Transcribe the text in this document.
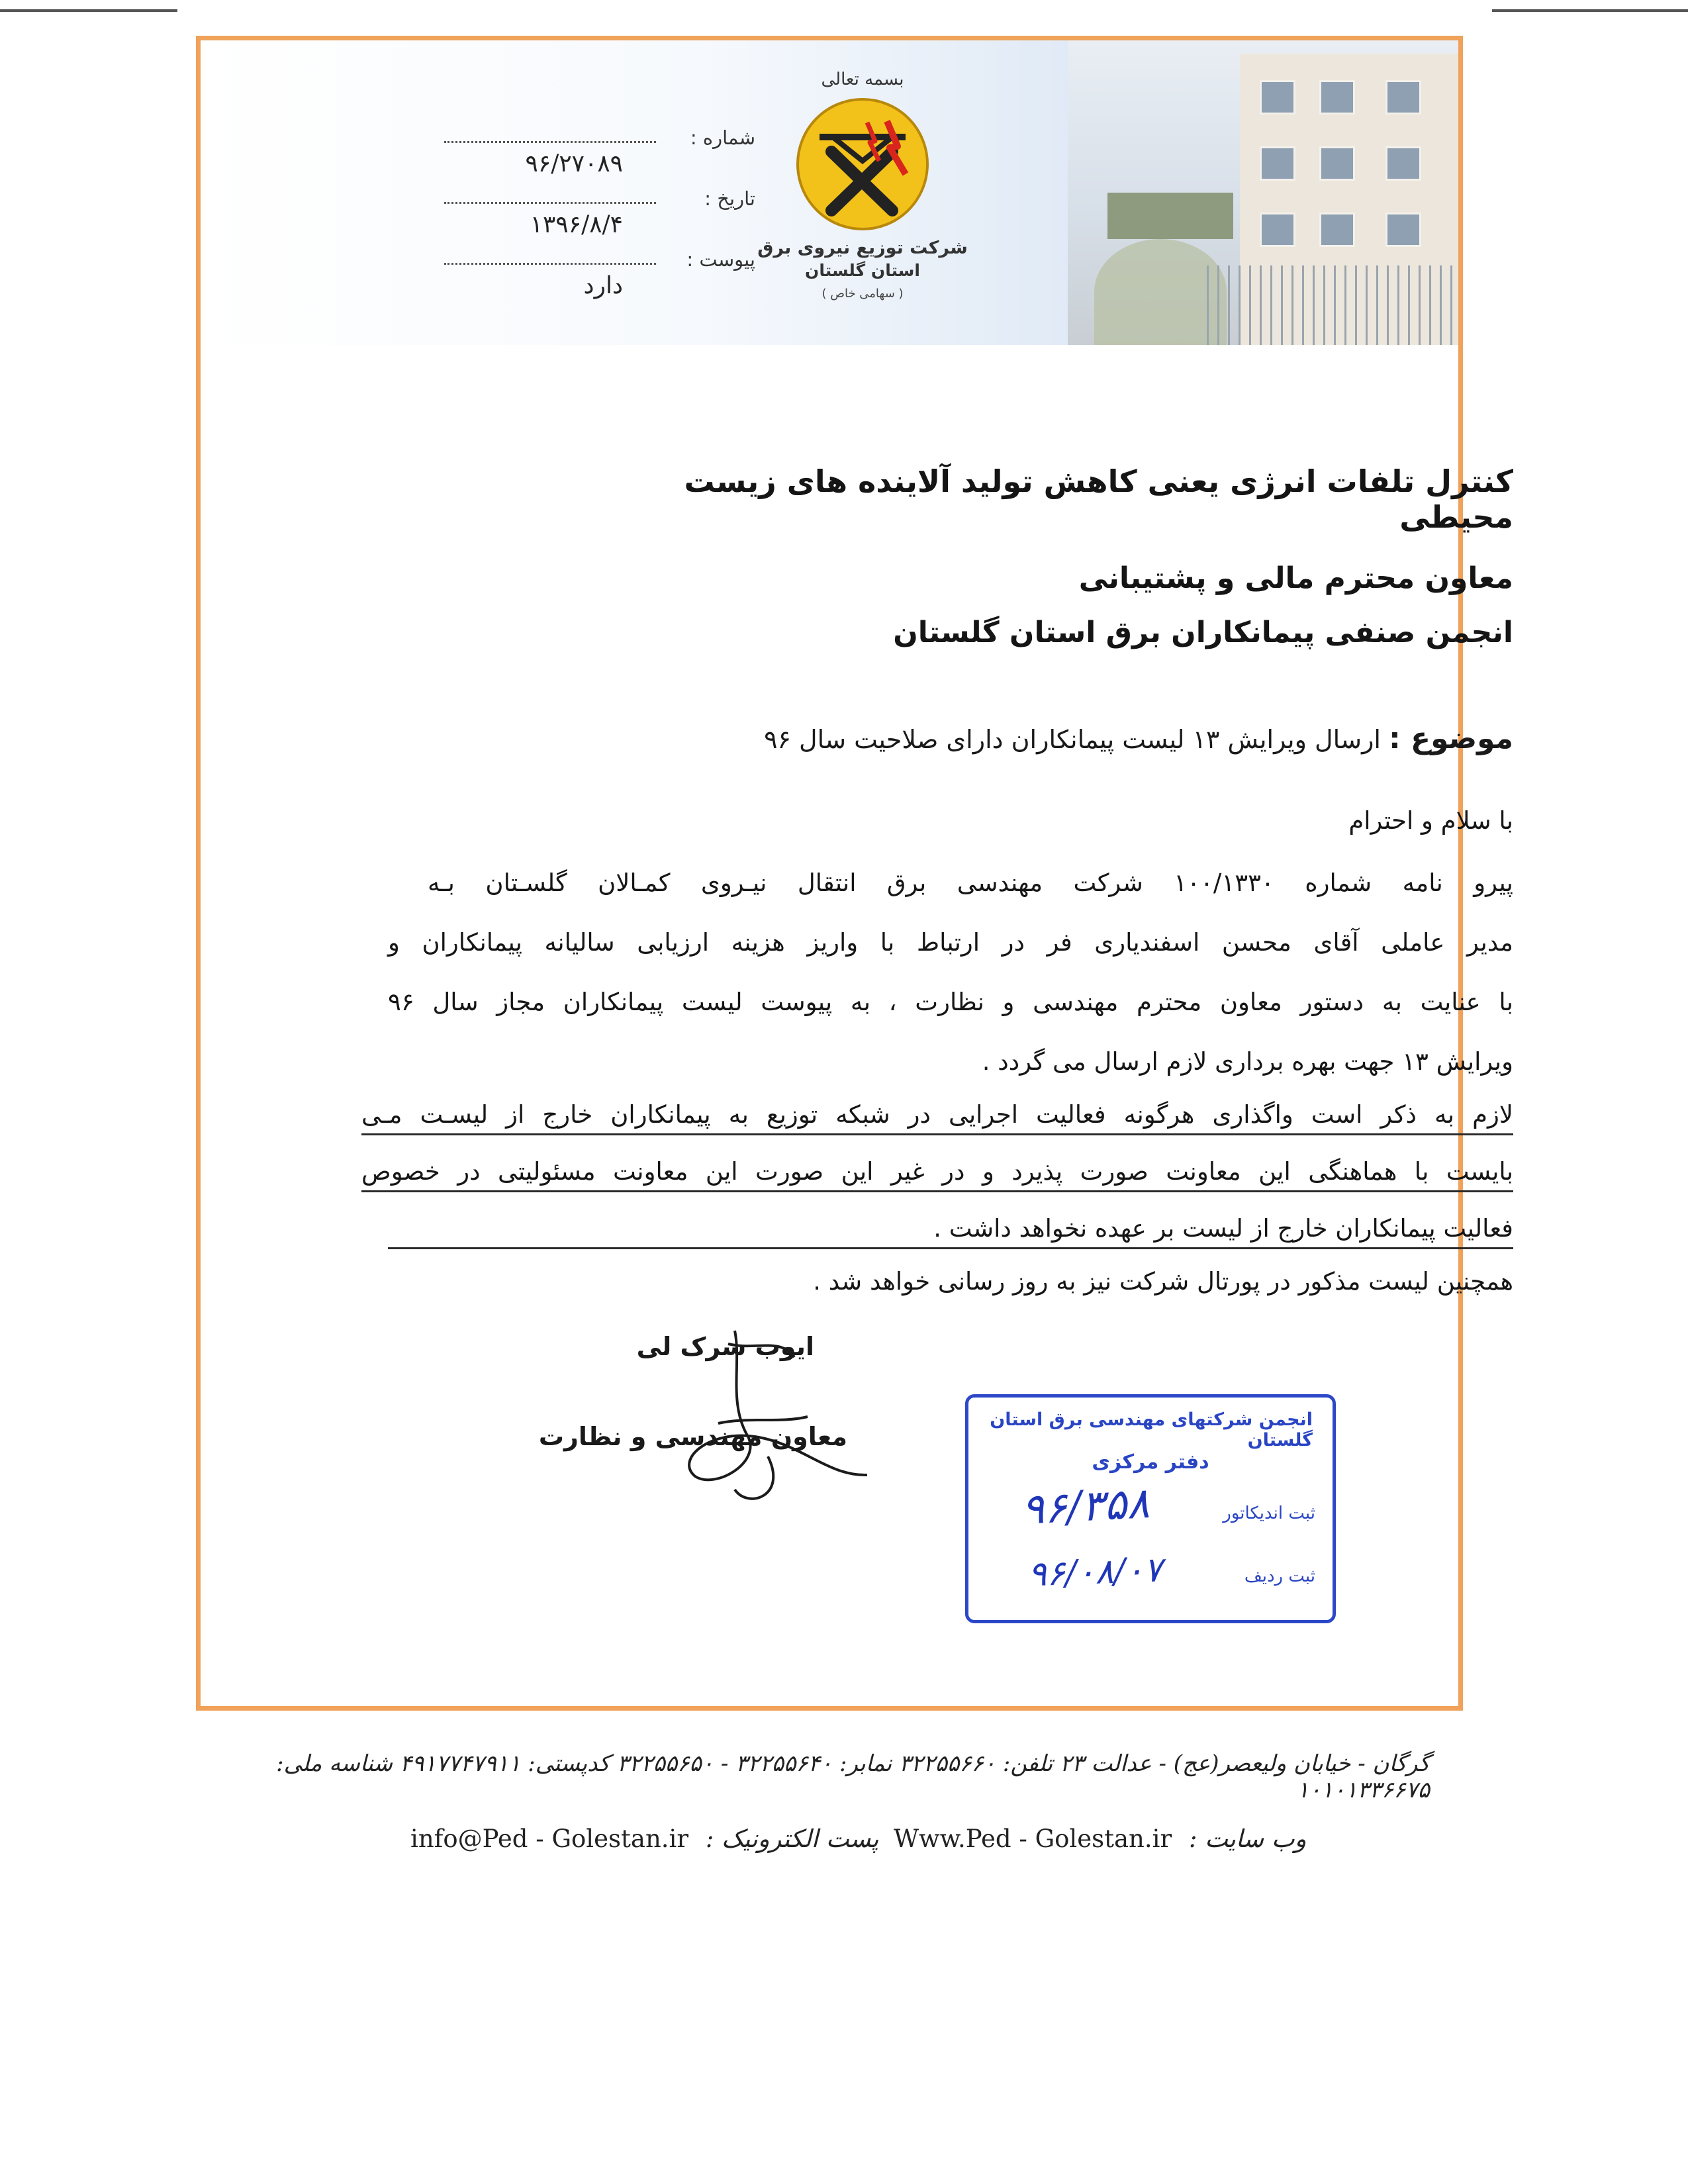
شماره :
۹۶/۲۷۰۸۹
تاریخ :
۱۳۹۶/۸/۴
پیوست :
دارد
بسمه تعالی
شرکت توزیع نیروی برق
استان گلستان
( سهامی خاص )
کنترل تلفات انرژی یعنی کاهش تولید آلاینده های زیست محیطی
معاون محترم مالی و پشتیبانی
انجمن صنفی پیمانکاران برق استان گلستان
موضوع : ارسال ویرایش ۱۳ لیست پیمانکاران دارای صلاحیت سال ۹۶
با سلام و احترام
پیرو نامه شماره ۱۰۰/۱۳۳۰ شرکت مهندسی برق انتقال نیـروی کمـالان گلسـتان بـه
مدیر عاملی آقای محسن اسفندیاری فر در ارتباط با واریز هزینه ارزیابی سالیانه پیمانکاران و
با عنایت به دستور معاون محترم مهندسی و نظارت ، به پیوست لیست پیمانکاران مجاز سال ۹۶
ویرایش ۱۳ جهت بهره برداری لازم ارسال می گردد .
لازم به ذکر است واگذاری هرگونه فعالیت اجرایی در شبکه توزیع به پیمانکاران خارج از لیسـت مـی
بایست با هماهنگی این معاونت صورت پذیرد و در غیر این صورت این معاونت مسئولیتی در خصوص
فعالیت پیمانکاران خارج از لیست بر عهده نخواهد داشت .
همچنین لیست مذکور در پورتال شرکت نیز به روز رسانی خواهد شد .
ایوب سرک لی
معاون مهندسی و نظارت
انجمن شرکتهای مهندسی برق استان گلستان
دفتر مرکزی
ثبت اندیکاتور
۹۶/۳۵۸
ثبت ردیف
۹۶/۰۸/۰۷
گرگان - خیابان ولیعصر(عج) - عدالت ۲۳ تلفن: ۳۲۲۵۵۶۶۰ نمابر: ۳۲۲۵۵۶۴۰ - ۳۲۲۵۵۶۵۰ کدپستی: ۴۹۱۷۷۴۷۹۱۱ شناسه ملی: ۱۰۱۰۱۳۳۶۶۷۵
Www.Ped - Golestan.ir وب سایت :
info@Ped - Golestan.ir پست الکترونیک :
